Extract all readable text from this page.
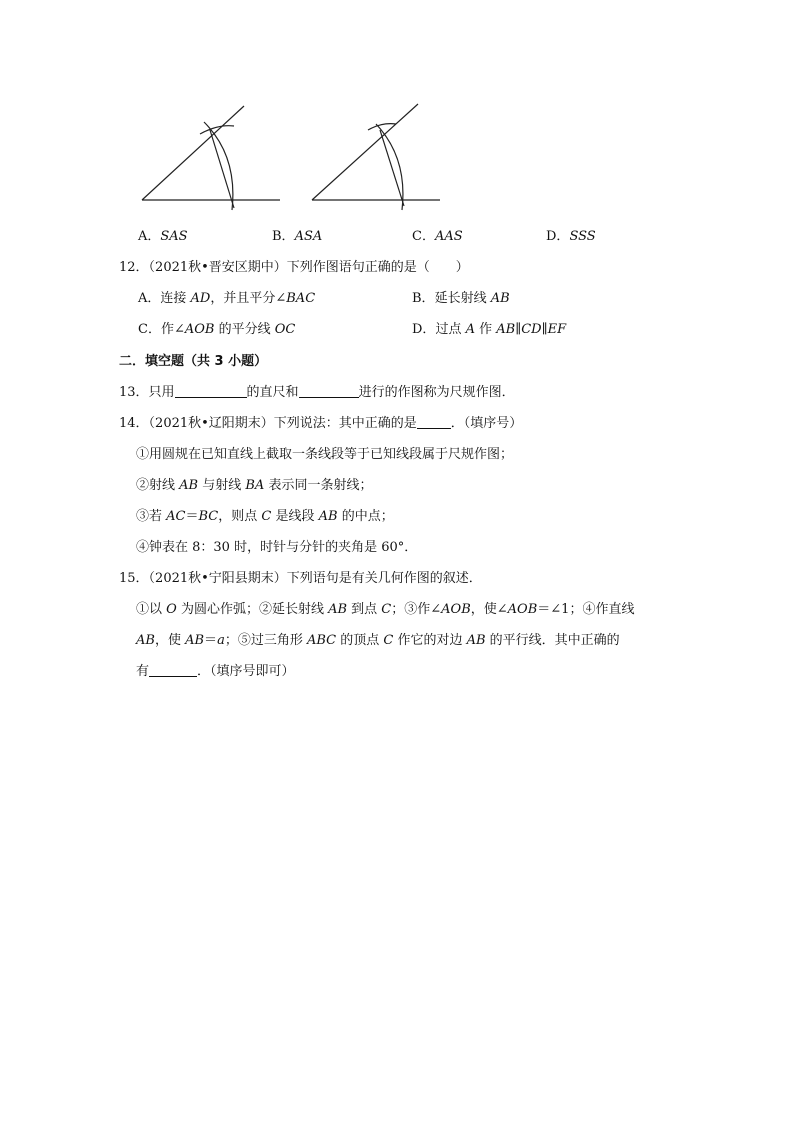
A．SAS	B．ASA	C．AAS	D．SSS
12．（2021秋•晋安区期中）下列作图语句正确的是（　　）
A．连接 AD，并且平分∠BAC	B．延长射线 AB
C．作∠AOB 的平分线 OC	D．过点 A 作 AB∥CD∥EF
二．填空题（共 3 小题）
13．只用	的直尺和	进行的作图称为尺规作图．
14．（2021秋•辽阳期末）下列说法：其中正确的是	．（填序号）
①用圆规在已知直线上截取一条线段等于已知线段属于尺规作图；
②射线 AB 与射线 BA 表示同一条射线；
③若 AC＝BC，则点 C 是线段 AB 的中点；
④钟表在 8：30 时，时针与分针的夹角是 60°．
15．（2021秋•宁阳县期末）下列语句是有关几何作图的叙述．
①以 O 为圆心作弧；②延长射线 AB 到点 C；③作∠AOB，使∠AOB＝∠1；④作直线
AB，使 AB＝a；⑤过三角形 ABC 的顶点 C 作它的对边 AB 的平行线．其中正确的
有	．（填序号即可）
